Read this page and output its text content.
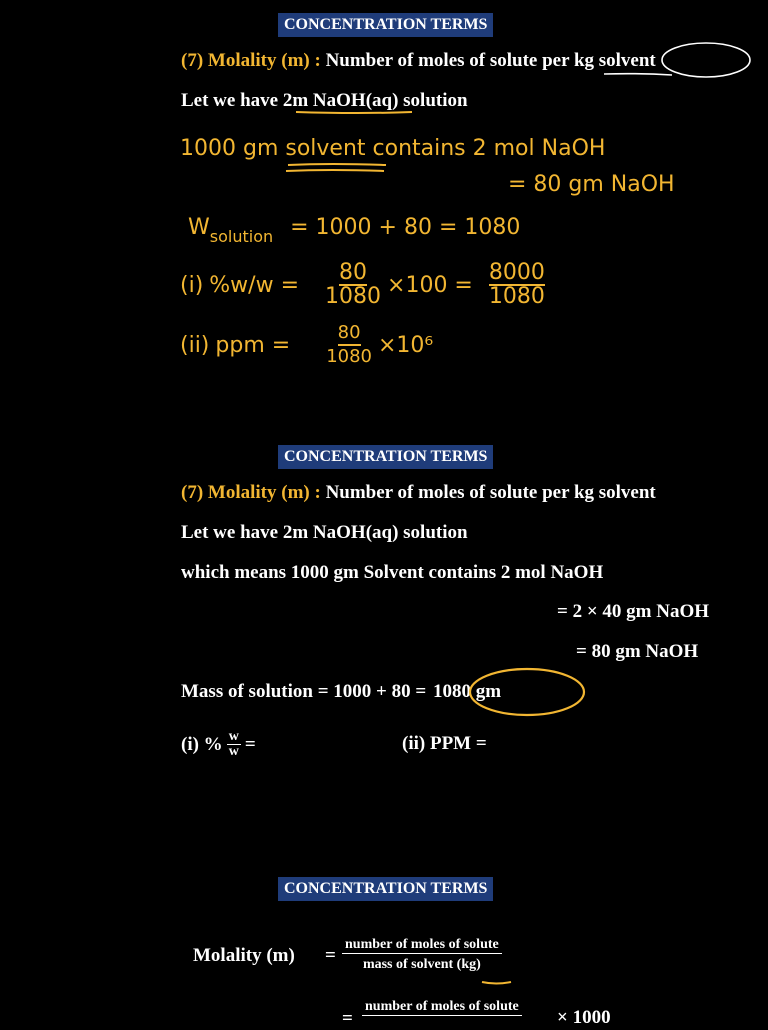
CONCENTRATION TERMS
(7) Molality (m) : Number of moles of solute per kg solvent
Let we have 2m NaOH(aq) solution
1000 gm solvent contains 2 mol NaOH
= 80 gm NaOH
$W_{solution} = 1000 + 80 = 1080$
(i) $\%w/w = \frac{80}{1080} \times 100 = \frac{8000}{1080}$
(ii) ppm = $\frac{80}{1080} \times 10^6$
CONCENTRATION TERMS
(7) Molality (m) : Number of moles of solute per kg solvent
Let we have 2m NaOH(aq) solution
which means 1000 gm Solvent contains 2 mol NaOH
= 2 × 40 gm NaOH
= 80 gm NaOH
Mass of solution = 1000 + 80 = 1080 gm
(i) % $\frac{w}{w}$ =	(ii) PPM =
CONCENTRATION TERMS
Molality (m) =
number of moles of solute
mass of solvent (kg)
=
number of moles of solute
× 1000
